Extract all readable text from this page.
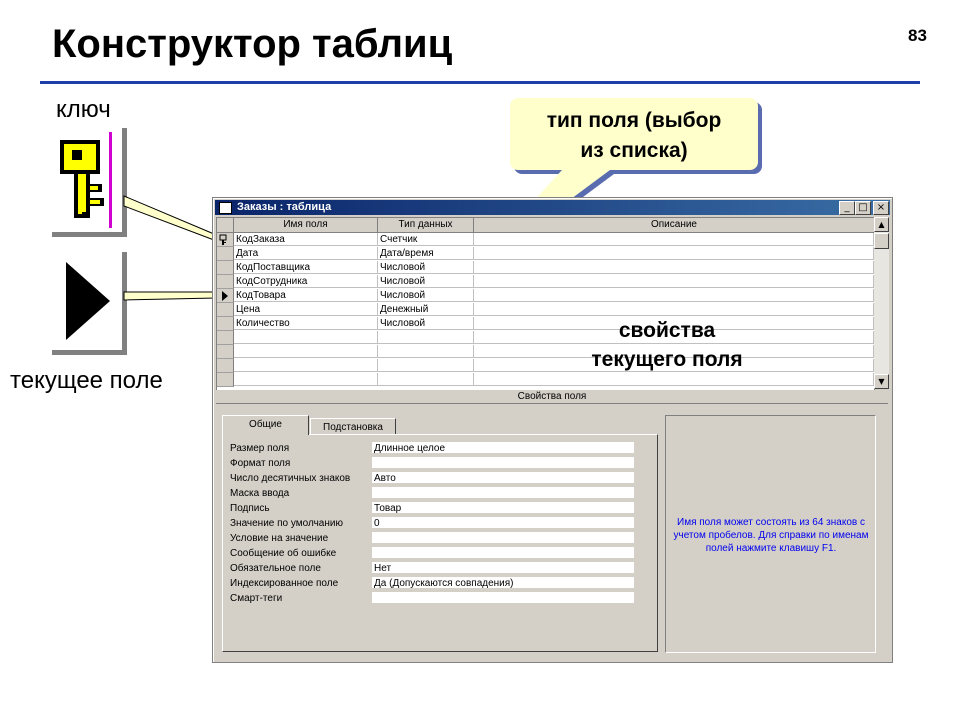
Конструктор таблиц	83
ключ
текущее поле
Заказы : таблица	_ □ ×
Имя поля	Тип данных	Описание
КодЗаказа	Счетчик
Дата	Дата/время
КодПоставщика	Числовой
КодСотрудника	Числовой
КодТовара	Числовой
Цена	Денежный
Количество	Числовой
▲
▼
Свойства поля
Общие	Подстановка
Размер поля	Длинное целое
Формат поля
Число десятичных знаков Авто
Маска ввода
Подпись	Товар
Значение по умолчанию	0
Условие на значение
Сообщение об ошибке
Обязательное поле	Нет
Индексированное поле	Да (Допускаются совпадения)
Смарт-теги
Имя поля может состоять из 64 знаков с учетом пробелов. Для справки по именам полей нажмите клавишу F1.
тип поля (выбор
из списка)
свойства
текущего поля
